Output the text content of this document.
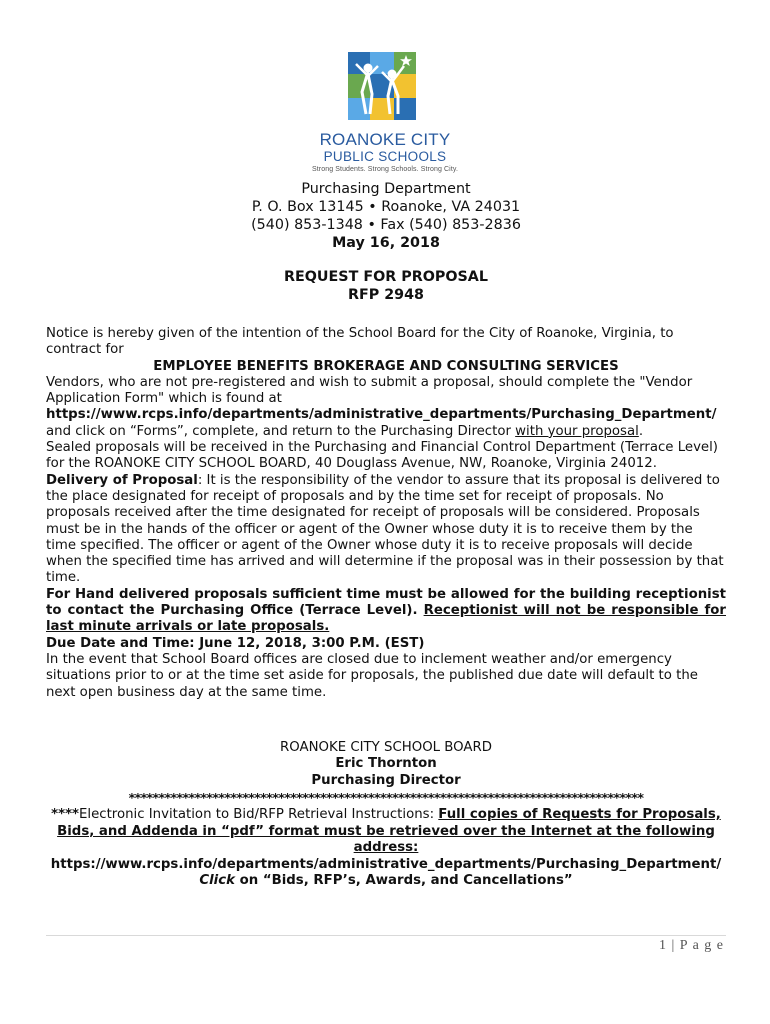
ROANOKE CITY
PUBLIC SCHOOLS
Strong Students. Strong Schools. Strong City.
Purchasing Department
P. O. Box 13145 • Roanoke, VA 24031
(540) 853-1348 • Fax (540) 853-2836
May 16, 2018
REQUEST FOR PROPOSAL
RFP 2948

Notice is hereby given of the intention of the School Board for the City of Roanoke, Virginia, to contract for

EMPLOYEE BENEFITS BROKERAGE AND CONSULTING SERVICES

Vendors, who are not pre-registered and wish to submit a proposal, should complete the "Vendor Application Form" which is found at
https://www.rcps.info/departments/administrative_departments/Purchasing_Department/ and click on “Forms”, complete, and return to the Purchasing Director with your proposal.

Sealed proposals will be received in the Purchasing and Financial Control Department (Terrace Level) for the ROANOKE CITY SCHOOL BOARD, 40 Douglass Avenue, NW, Roanoke, Virginia 24012.

Delivery of Proposal: It is the responsibility of the vendor to assure that its proposal is delivered to the place designated for receipt of proposals and by the time set for receipt of proposals. No proposals received after the time designated for receipt of proposals will be considered. Proposals must be in the hands of the officer or agent of the Owner whose duty it is to receive them by the time specified. The officer or agent of the Owner whose duty it is to receive proposals will decide when the specified time has arrived and will determine if the proposal was in their possession by that time.

For Hand delivered proposals sufficient time must be allowed for the building receptionist to contact the Purchasing Office (Terrace Level). Receptionist will not be responsible for last minute arrivals or late proposals.

Due Date and Time: June 12, 2018, 3:00 P.M. (EST)

In the event that School Board offices are closed due to inclement weather and/or emergency situations prior to or at the time set aside for proposals, the published due date will default to the next open business day at the same time.

ROANOKE CITY SCHOOL BOARD
Eric Thornton
Purchasing Director
**************************************************************************************
****Electronic Invitation to Bid/RFP Retrieval Instructions: Full copies of Requests for Proposals, Bids, and Addenda in “pdf” format must be retrieved over the Internet at the following address:
https://www.rcps.info/departments/administrative_departments/Purchasing_Department/
Click on “Bids, RFP’s, Awards, and Cancellations”
1 | P a g e
